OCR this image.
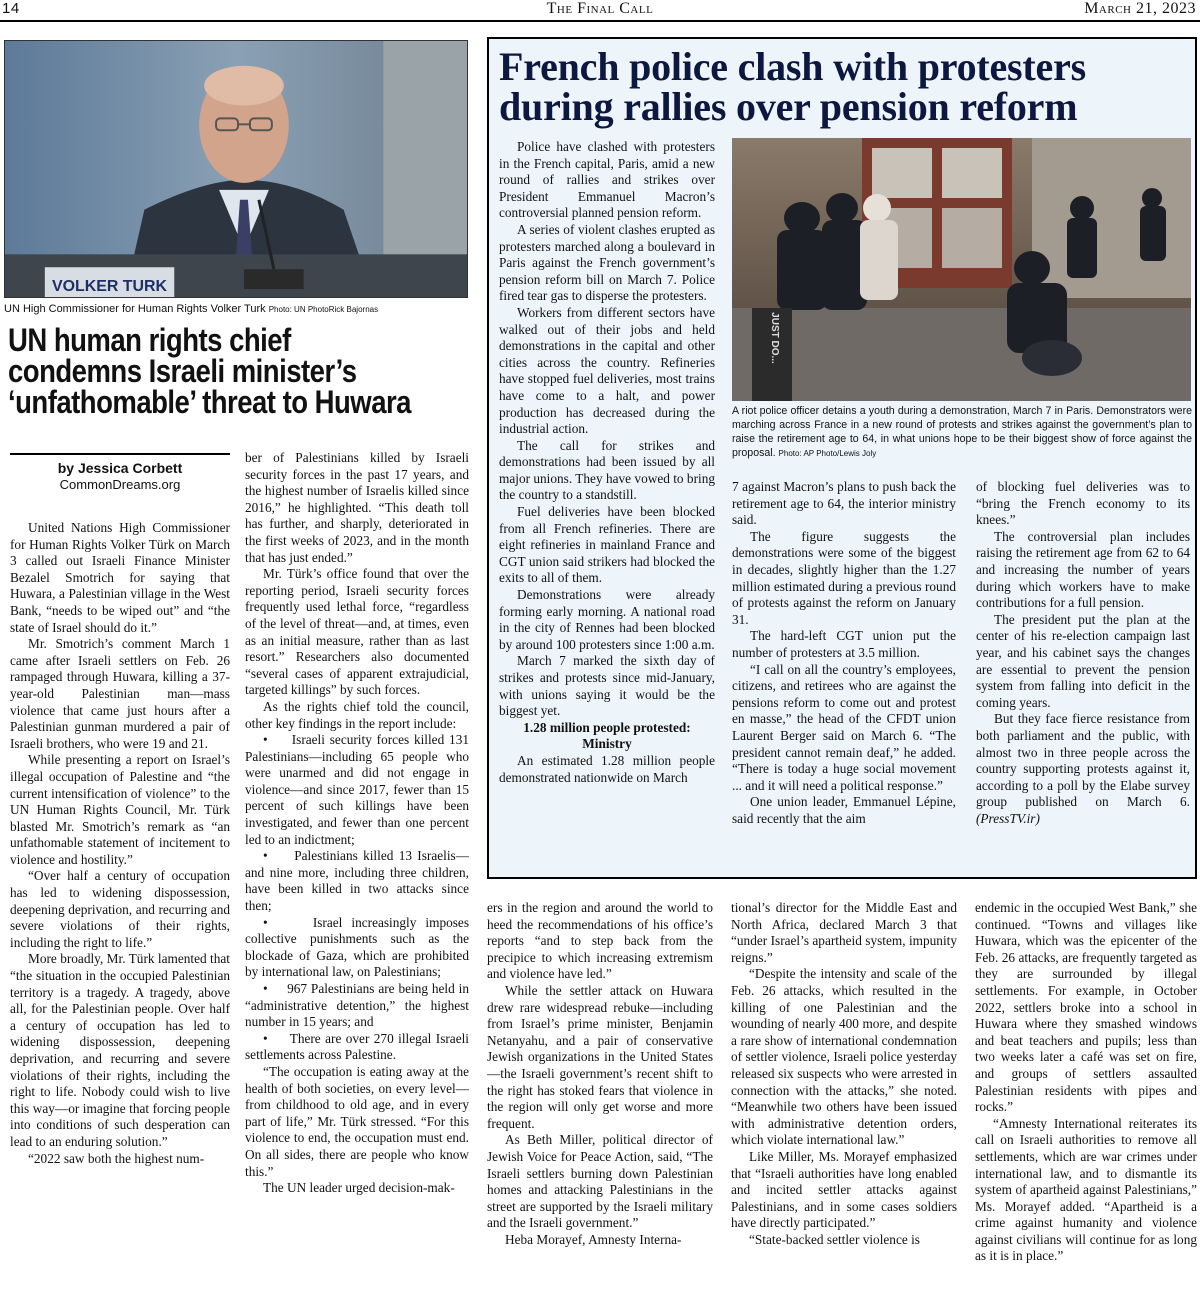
14	The Final Call	March 21, 2023
VOLKER TURK
UN High Commissioner for Human Rights Volker Turk Photo: UN PhotoRick Bajornas
UN human rights chief
condemns Israeli minister’s
‘unfathomable’ threat to Huwara
by Jessica Corbett
CommonDreams.org

United Nations High Commissioner for Human Rights Volker Türk on March 3 called out Israeli Finance Minister Bezalel Smotrich for saying that Huwara, a Palestinian village in the West Bank, “needs to be wiped out” and “the state of Israel should do it.”

Mr. Smotrich’s comment March 1 came after Israeli settlers on Feb. 26 rampaged through Huwara, killing a 37-year-old Palestinian man—mass violence that came just hours after a Palestinian gunman murdered a pair of Israeli brothers, who were 19 and 21.

While presenting a report on Israel’s illegal occupation of Palestine and “the current intensification of violence” to the UN Human Rights Council, Mr. Türk blasted Mr. Smotrich’s remark as “an unfathomable statement of incitement to violence and hostility.”

“Over half a century of occupation has led to widening dispossession, deepening deprivation, and recurring and severe violations of their rights, including the right to life.”

More broadly, Mr. Türk lamented that “the situation in the occupied Palestinian territory is a tragedy. A tragedy, above all, for the Palestinian people. Over half a century of occupation has led to widening dispossession, deepening deprivation, and recurring and severe violations of their rights, including the right to life. Nobody could wish to live this way—or imagine that forcing people into conditions of such desperation can lead to an enduring solution.”

“2022 saw both the highest num-

ber of Palestinians killed by Israeli security forces in the past 17 years, and the highest number of Israelis killed since 2016,” he highlighted. “This death toll has further, and sharply, deteriorated in the first weeks of 2023, and in the month that has just ended.”

Mr. Türk’s office found that over the reporting period, Israeli security forces frequently used lethal force, “regardless of the level of threat—and, at times, even as an initial measure, rather than as last resort.” Researchers also documented “several cases of apparent extrajudicial, targeted killings” by such forces.

As the rights chief told the council, other key findings in the report include:

•     Israeli security forces killed 131 Palestinians—including 65 people who were unarmed and did not engage in violence—and since 2017, fewer than 15 percent of such killings have been investigated, and fewer than one percent led to an indictment;

•     Palestinians killed 13 Israelis—and nine more, including three children, have been killed in two attacks since then;

•     Israel increasingly imposes collective punishments such as the blockade of Gaza, which are prohibited by international law, on Palestinians;

•     967 Palestinians are being held in “administrative detention,” the highest number in 15 years; and

•     There are over 270 illegal Israeli settlements across Palestine.

“The occupation is eating away at the health of both societies, on every level—from childhood to old age, and in every part of life,” Mr. Türk stressed. “For this violence to end, the occupation must end. On all sides, there are people who know this.”

The UN leader urged decision-mak-

ers in the region and around the world to heed the recommendations of his office’s reports “and to step back from the precipice to which increasing extremism and violence have led.”

While the settler attack on Huwara drew rare widespread rebuke—including from Israel’s prime minister, Benjamin Netanyahu, and a pair of conservative Jewish organizations in the United States—the Israeli government’s recent shift to the right has stoked fears that violence in the region will only get worse and more frequent.

As Beth Miller, political director of Jewish Voice for Peace Action, said, “The Israeli settlers burning down Palestinian homes and attacking Palestinians in the street are supported by the Israeli military and the Israeli government.”

Heba Morayef, Amnesty Interna-

tional’s director for the Middle East and North Africa, declared March 3 that “under Israel’s apartheid system, impunity reigns.”

“Despite the intensity and scale of the Feb. 26 attacks, which resulted in the killing of one Palestinian and the wounding of nearly 400 more, and despite a rare show of international condemnation of settler violence, Israeli police yesterday released six suspects who were arrested in connection with the attacks,” she noted. “Meanwhile two others have been issued with administrative detention orders, which violate international law.”

Like Miller, Ms. Morayef emphasized that “Israeli authorities have long enabled and incited settler attacks against Palestinians, and in some cases soldiers have directly participated.”

“State-backed settler violence is

endemic in the occupied West Bank,” she continued. “Towns and villages like Huwara, which was the epicenter of the Feb. 26 attacks, are frequently targeted as they are surrounded by illegal settlements. For example, in October 2022, settlers broke into a school in Huwara where they smashed windows and beat teachers and pupils; less than two weeks later a café was set on fire, and groups of settlers assaulted Palestinian residents with pipes and rocks.”

“Amnesty International reiterates its call on Israeli authorities to remove all settlements, which are war crimes under international law, and to dismantle its system of apartheid against Palestinians,” Ms. Morayef added. “Apartheid is a crime against humanity and violence against civilians will continue for as long as it is in place.”

French police clash with protesters
during rallies over pension reform
JUST DO...
A riot police officer detains a youth during a demonstration, March 7 in Paris. Demonstrators were marching across France in a new round of protests and strikes against the government’s plan to raise the retirement age to 64, in what unions hope to be their biggest show of force against the proposal. Photo: AP Photo/Lewis Joly

Police have clashed with protesters in the French capital, Paris, amid a new round of rallies and strikes over President Emmanuel Macron’s controversial planned pension reform.

A series of violent clashes erupted as protesters marched along a boulevard in Paris against the French government’s pension reform bill on March 7. Police fired tear gas to disperse the protesters.

Workers from different sectors have walked out of their jobs and held demonstrations in the capital and other cities across the country. Refineries have stopped fuel deliveries, most trains have come to a halt, and power production has decreased during the industrial action.

The call for strikes and demonstrations had been issued by all major unions. They have vowed to bring the country to a standstill.

Fuel deliveries have been blocked from all French refineries. There are eight refineries in mainland France and CGT union said strikers had blocked the exits to all of them.

Demonstrations were already forming early morning. A national road in the city of Rennes had been blocked by around 100 protesters since 1:00 a.m.

March 7 marked the sixth day of strikes and protests since mid-January, with unions saying it would be the biggest yet.

1.28 million people protested: Ministry

An estimated 1.28 million people demonstrated nationwide on March

7 against Macron’s plans to push back the retirement age to 64, the interior ministry said.

The figure suggests the demonstrations were some of the biggest in decades, slightly higher than the 1.27 million estimated during a previous round of protests against the reform on January 31.

The hard-left CGT union put the number of protesters at 3.5 million.

“I call on all the country’s employees, citizens, and retirees who are against the pensions reform to come out and protest en masse,” the head of the CFDT union Laurent Berger said on March 6. “The president cannot remain deaf,” he added. “There is today a huge social movement ... and it will need a political response.”

One union leader, Emmanuel Lépine, said recently that the aim

of blocking fuel deliveries was to “bring the French economy to its knees.”

The controversial plan includes raising the retirement age from 62 to 64 and increasing the number of years during which workers have to make contributions for a full pension.

The president put the plan at the center of his re-election campaign last year, and his cabinet says the changes are essential to prevent the pension system from falling into deficit in the coming years.

But they face fierce resistance from both parliament and the public, with almost two in three people across the country supporting protests against it, according to a poll by the Elabe survey group published on March 6. (PressTV.ir)
